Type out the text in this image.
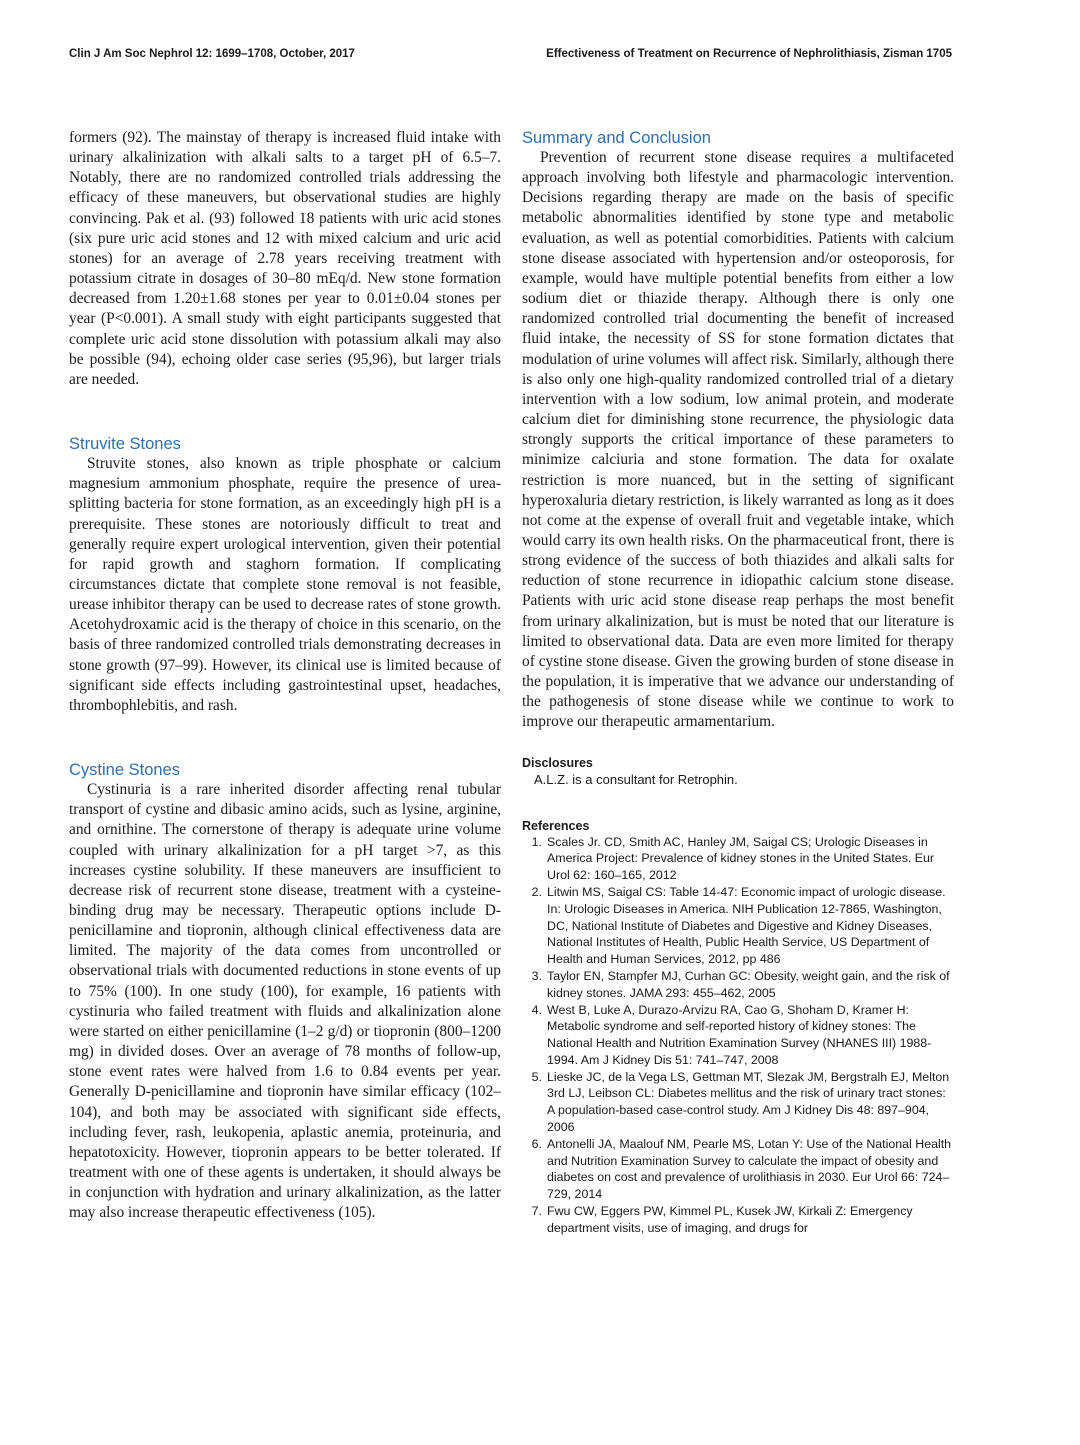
Clin J Am Soc Nephrol 12: 1699–1708, October, 2017	Effectiveness of Treatment on Recurrence of Nephrolithiasis, Zisman 1705

formers (92). The mainstay of therapy is increased fluid intake with urinary alkalinization with alkali salts to a target pH of 6.5–7. Notably, there are no randomized controlled trials addressing the efficacy of these maneuvers, but observational studies are highly convincing. Pak et al. (93) followed 18 patients with uric acid stones (six pure uric acid stones and 12 with mixed calcium and uric acid stones) for an average of 2.78 years receiving treatment with potassium citrate in dosages of 30–80 mEq/d. New stone formation decreased from 1.20±1.68 stones per year to 0.01±0.04 stones per year (P<0.001). A small study with eight participants suggested that complete uric acid stone dissolution with potassium alkali may also be possible (94), echoing older case series (95,96), but larger trials are needed.

Struvite Stones

Struvite stones, also known as triple phosphate or calcium magnesium ammonium phosphate, require the presence of urea-splitting bacteria for stone formation, as an exceedingly high pH is a prerequisite. These stones are notoriously difficult to treat and generally require expert urological intervention, given their potential for rapid growth and staghorn formation. If complicating circumstances dictate that complete stone removal is not feasible, urease inhibitor therapy can be used to decrease rates of stone growth. Acetohydroxamic acid is the therapy of choice in this scenario, on the basis of three randomized controlled trials demonstrating decreases in stone growth (97–99). However, its clinical use is limited because of significant side effects including gastrointestinal upset, headaches, thrombophlebitis, and rash.

Cystine Stones

Cystinuria is a rare inherited disorder affecting renal tubular transport of cystine and dibasic amino acids, such as lysine, arginine, and ornithine. The cornerstone of therapy is adequate urine volume coupled with urinary alkalinization for a pH target >7, as this increases cystine solubility. If these maneuvers are insufficient to decrease risk of recurrent stone disease, treatment with a cysteine-binding drug may be necessary. Therapeutic options include D-penicillamine and tiopronin, although clinical effectiveness data are limited. The majority of the data comes from uncontrolled or observational trials with documented reductions in stone events of up to 75% (100). In one study (100), for example, 16 patients with cystinuria who failed treatment with fluids and alkalinization alone were started on either penicillamine (1–2 g/d) or tiopronin (800–1200 mg) in divided doses. Over an average of 78 months of follow-up, stone event rates were halved from 1.6 to 0.84 events per year. Generally D-penicillamine and tiopronin have similar efficacy (102–104), and both may be associated with significant side effects, including fever, rash, leukopenia, aplastic anemia, proteinuria, and hepatotoxicity. However, tiopronin appears to be better tolerated. If treatment with one of these agents is undertaken, it should always be in conjunction with hydration and urinary alkalinization, as the latter may also increase therapeutic effectiveness (105).

Summary and Conclusion

Prevention of recurrent stone disease requires a multifaceted approach involving both lifestyle and pharmacologic intervention. Decisions regarding therapy are made on the basis of specific metabolic abnormalities identified by stone type and metabolic evaluation, as well as potential comorbidities. Patients with calcium stone disease associated with hypertension and/or osteoporosis, for example, would have multiple potential benefits from either a low sodium diet or thiazide therapy. Although there is only one randomized controlled trial documenting the benefit of increased fluid intake, the necessity of SS for stone formation dictates that modulation of urine volumes will affect risk. Similarly, although there is also only one high-quality randomized controlled trial of a dietary intervention with a low sodium, low animal protein, and moderate calcium diet for diminishing stone recurrence, the physiologic data strongly supports the critical importance of these parameters to minimize calciuria and stone formation. The data for oxalate restriction is more nuanced, but in the setting of significant hyperoxaluria dietary restriction, is likely warranted as long as it does not come at the expense of overall fruit and vegetable intake, which would carry its own health risks. On the pharmaceutical front, there is strong evidence of the success of both thiazides and alkali salts for reduction of stone recurrence in idiopathic calcium stone disease. Patients with uric acid stone disease reap perhaps the most benefit from urinary alkalinization, but is must be noted that our literature is limited to observational data. Data are even more limited for therapy of cystine stone disease. Given the growing burden of stone disease in the population, it is imperative that we advance our understanding of the pathogenesis of stone disease while we continue to work to improve our therapeutic armamentarium.

Disclosures

A.L.Z. is a consultant for Retrophin.

References
1. Scales Jr. CD, Smith AC, Hanley JM, Saigal CS; Urologic Diseases in America Project: Prevalence of kidney stones in the United States. Eur Urol 62: 160–165, 2012
2. Litwin MS, Saigal CS: Table 14-47: Economic impact of urologic disease. In: Urologic Diseases in America. NIH Publication 12-7865, Washington, DC, National Institute of Diabetes and Digestive and Kidney Diseases, National Institutes of Health, Public Health Service, US Department of Health and Human Services, 2012, pp 486
3. Taylor EN, Stampfer MJ, Curhan GC: Obesity, weight gain, and the risk of kidney stones. JAMA 293: 455–462, 2005
4. West B, Luke A, Durazo-Arvizu RA, Cao G, Shoham D, Kramer H: Metabolic syndrome and self-reported history of kidney stones: The National Health and Nutrition Examination Survey (NHANES III) 1988-1994. Am J Kidney Dis 51: 741–747, 2008
5. Lieske JC, de la Vega LS, Gettman MT, Slezak JM, Bergstralh EJ, Melton 3rd LJ, Leibson CL: Diabetes mellitus and the risk of urinary tract stones: A population-based case-control study. Am J Kidney Dis 48: 897–904, 2006
6. Antonelli JA, Maalouf NM, Pearle MS, Lotan Y: Use of the National Health and Nutrition Examination Survey to calculate the impact of obesity and diabetes on cost and prevalence of urolithiasis in 2030. Eur Urol 66: 724–729, 2014
7. Fwu CW, Eggers PW, Kimmel PL, Kusek JW, Kirkali Z: Emergency department visits, use of imaging, and drugs for
